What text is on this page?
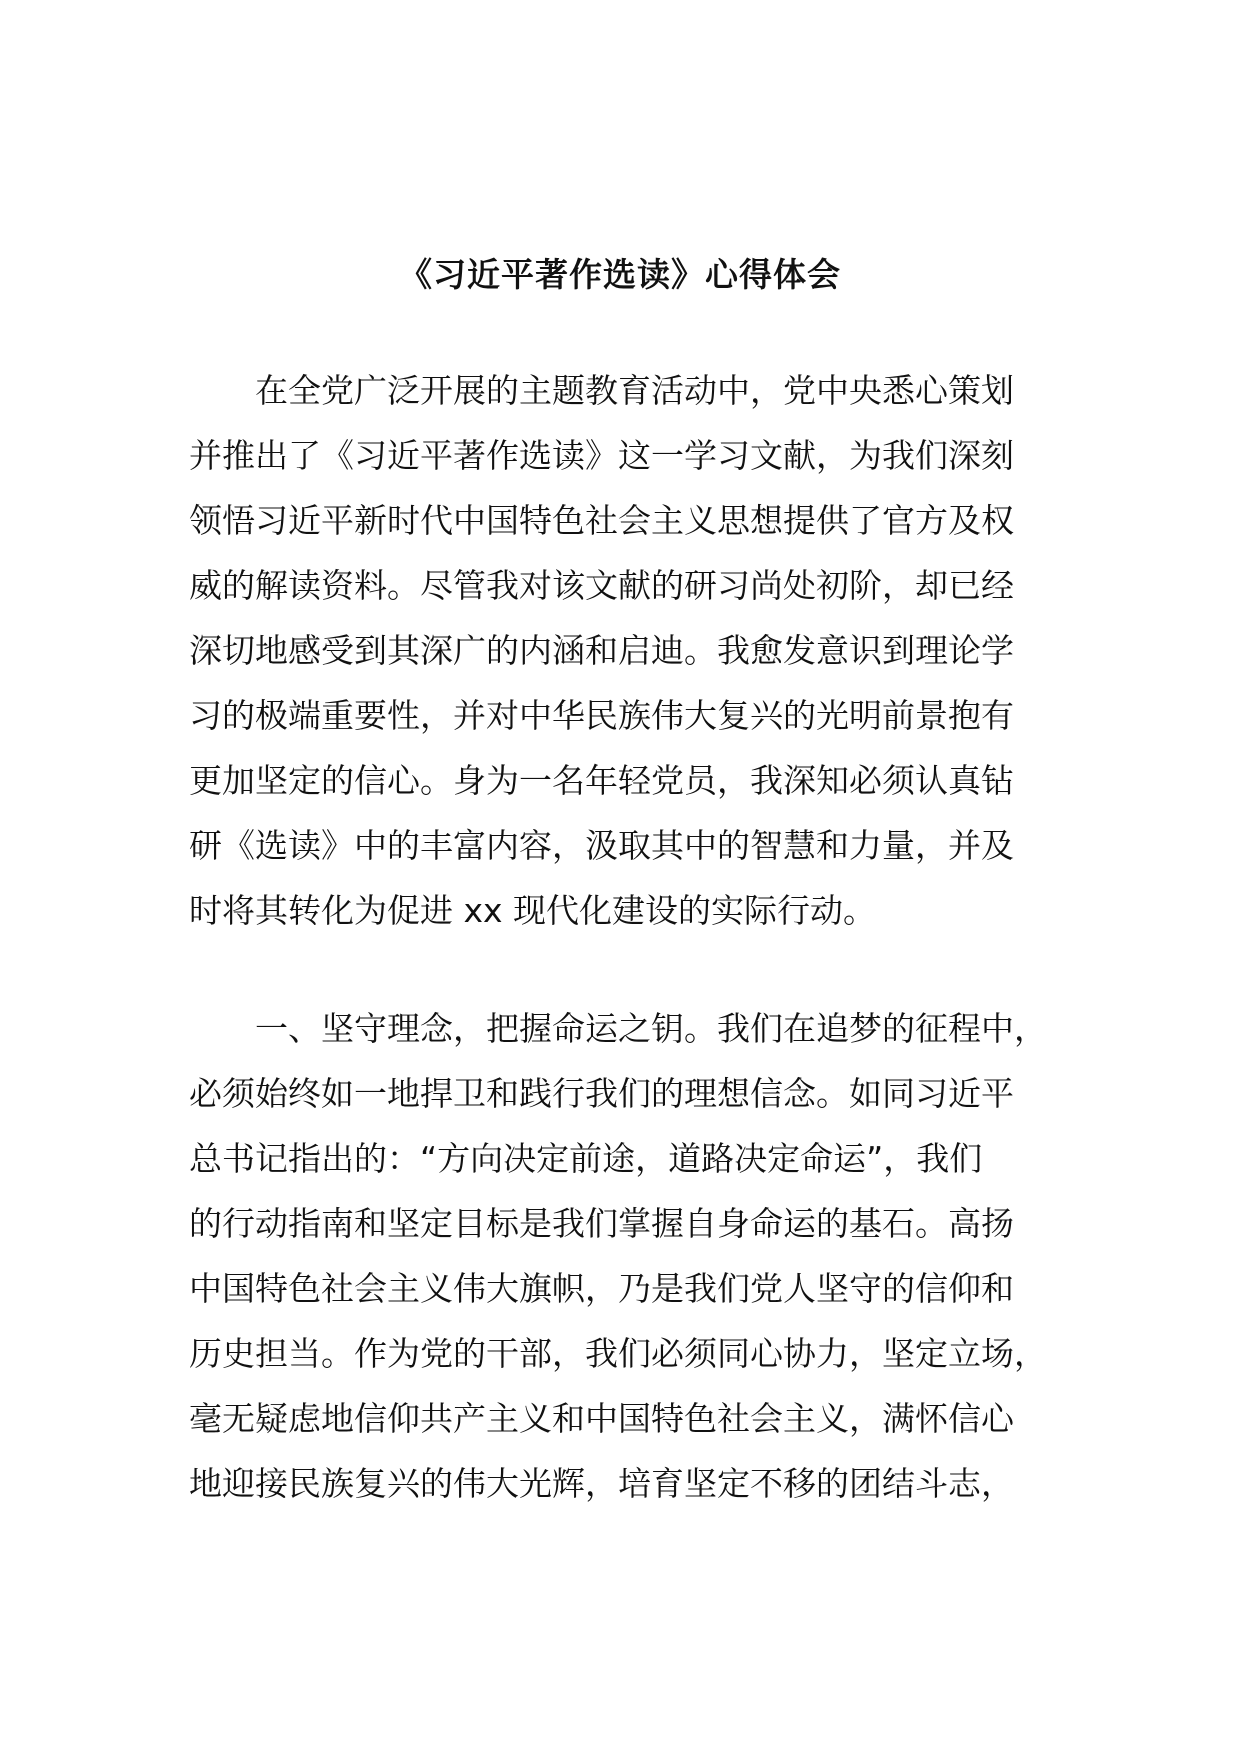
《习近平著作选读》心得体会
在全党广泛开展的主题教育活动中，党中央悉心策划
并推出了《习近平著作选读》这一学习文献，为我们深刻
领悟习近平新时代中国特色社会主义思想提供了官方及权
威的解读资料。尽管我对该文献的研习尚处初阶，却已经
深切地感受到其深广的内涵和启迪。我愈发意识到理论学
习的极端重要性，并对中华民族伟大复兴的光明前景抱有
更加坚定的信心。身为一名年轻党员，我深知必须认真钻
研《选读》中的丰富内容，汲取其中的智慧和力量，并及
时将其转化为促进 xx 现代化建设的实际行动。
一、坚守理念，把握命运之钥。我们在追梦的征程中，
必须始终如一地捍卫和践行我们的理想信念。如同习近平
总书记指出的：“方向决定前途，道路决定命运”，我们
的行动指南和坚定目标是我们掌握自身命运的基石。高扬
中国特色社会主义伟大旗帜，乃是我们党人坚守的信仰和
历史担当。作为党的干部，我们必须同心协力，坚定立场，
毫无疑虑地信仰共产主义和中国特色社会主义，满怀信心
地迎接民族复兴的伟大光辉，培育坚定不移的团结斗志，
